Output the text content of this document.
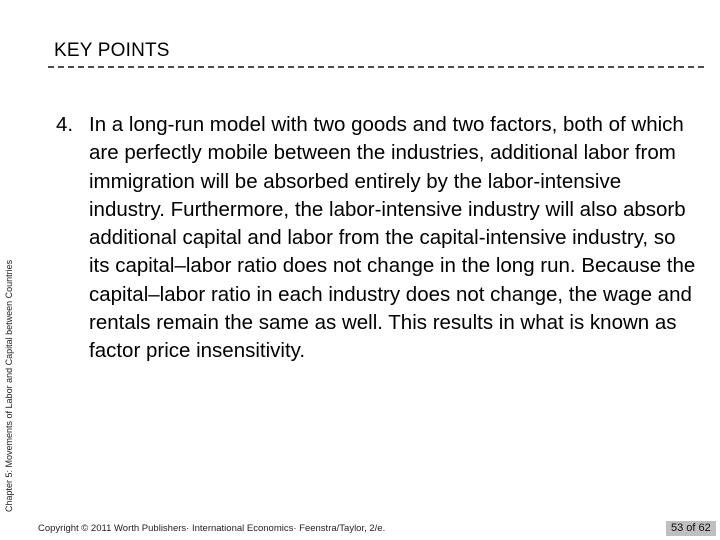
Chapter 5: Movements of Labor and Capital between Countries
KEY POINTS
4. In a long-run model with two goods and two factors, both of which are perfectly mobile between the industries, additional labor from immigration will be absorbed entirely by the labor-intensive industry. Furthermore, the labor-intensive industry will also absorb additional capital and labor from the capital-intensive industry, so its capital–labor ratio does not change in the long run. Because the capital–labor ratio in each industry does not change, the wage and rentals remain the same as well. This results in what is known as factor price insensitivity.
Copyright © 2011 Worth Publishers· International Economics· Feenstra/Taylor, 2/e.	53 of 62
